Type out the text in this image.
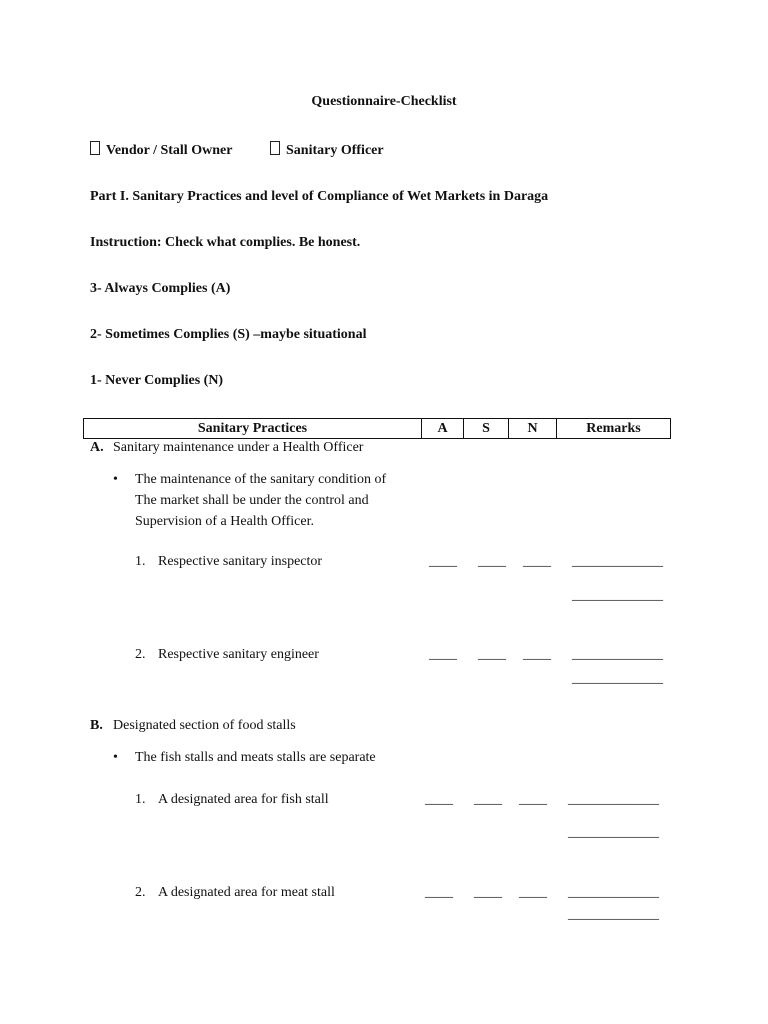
Questionnaire-Checklist
Vendor / Stall Owner	Sanitary Officer
Part I. Sanitary Practices and level of Compliance of Wet Markets in Daraga
Instruction: Check what complies. Be honest.
3- Always Complies (A)
2- Sometimes Complies (S) –maybe situational
1- Never Complies (N)
Sanitary Practices	A	S	N	Remarks
A. Sanitary maintenance under a Health Officer
• The maintenance of the sanitary condition of
The market shall be under the control and
Supervision of a Health Officer.
1. Respective sanitary inspector	____ ____ ____ _____________
_____________
2. Respective sanitary engineer	____ ____ ____ _____________
_____________
B. Designated section of food stalls
• The fish stalls and meats stalls are separate
1. A designated area for fish stall	____ ____ ____ _____________
_____________
2. A designated area for meat stall	____ ____ ____ _____________
_____________
